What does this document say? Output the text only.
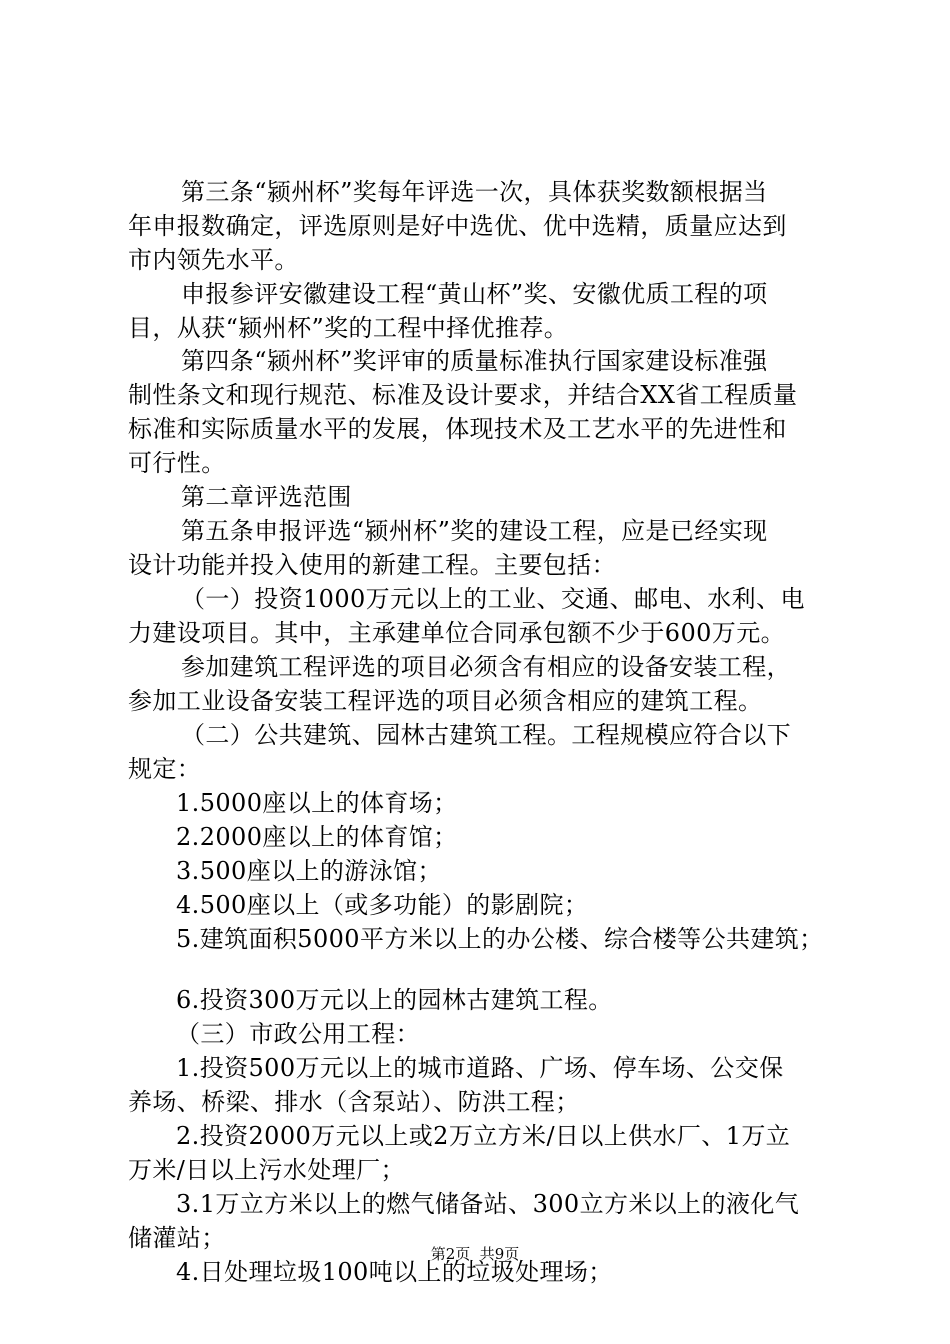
第三条“颍州杯”奖每年评选一次，具体获奖数额根据当
年申报数确定，评选原则是好中选优、优中选精，质量应达到
市内领先水平。
申报参评安徽建设工程“黄山杯”奖、安徽优质工程的项
目，从获“颍州杯”奖的工程中择优推荐。
第四条“颍州杯”奖评审的质量标准执行国家建设标准强
制性条文和现行规范、标准及设计要求，并结合XX省工程质量
标准和实际质量水平的发展，体现技术及工艺水平的先进性和
可行性。
第二章评选范围
第五条申报评选“颍州杯”奖的建设工程，应是已经实现
设计功能并投入使用的新建工程。主要包括：
（一）投资1000万元以上的工业、交通、邮电、水利、电
力建设项目。其中，主承建单位合同承包额不少于600万元。
参加建筑工程评选的项目必须含有相应的设备安装工程，
参加工业设备安装工程评选的项目必须含相应的建筑工程。
（二）公共建筑、园林古建筑工程。工程规模应符合以下
规定：
1.5000座以上的体育场；
2.2000座以上的体育馆；
3.500座以上的游泳馆；
4.500座以上（或多功能）的影剧院；
5.建筑面积5000平方米以上的办公楼、综合楼等公共建筑；
6.投资300万元以上的园林古建筑工程。
（三）市政公用工程：
1.投资500万元以上的城市道路、广场、停车场、公交保
养场、桥梁、排水（含泵站）、防洪工程；
2.投资2000万元以上或2万立方米/日以上供水厂、1万立
万米/日以上污水处理厂；
3.1万立方米以上的燃气储备站、300立方米以上的液化气
储灌站；
4.日处理垃圾100吨以上的垃圾处理场；
第2页  共9页
